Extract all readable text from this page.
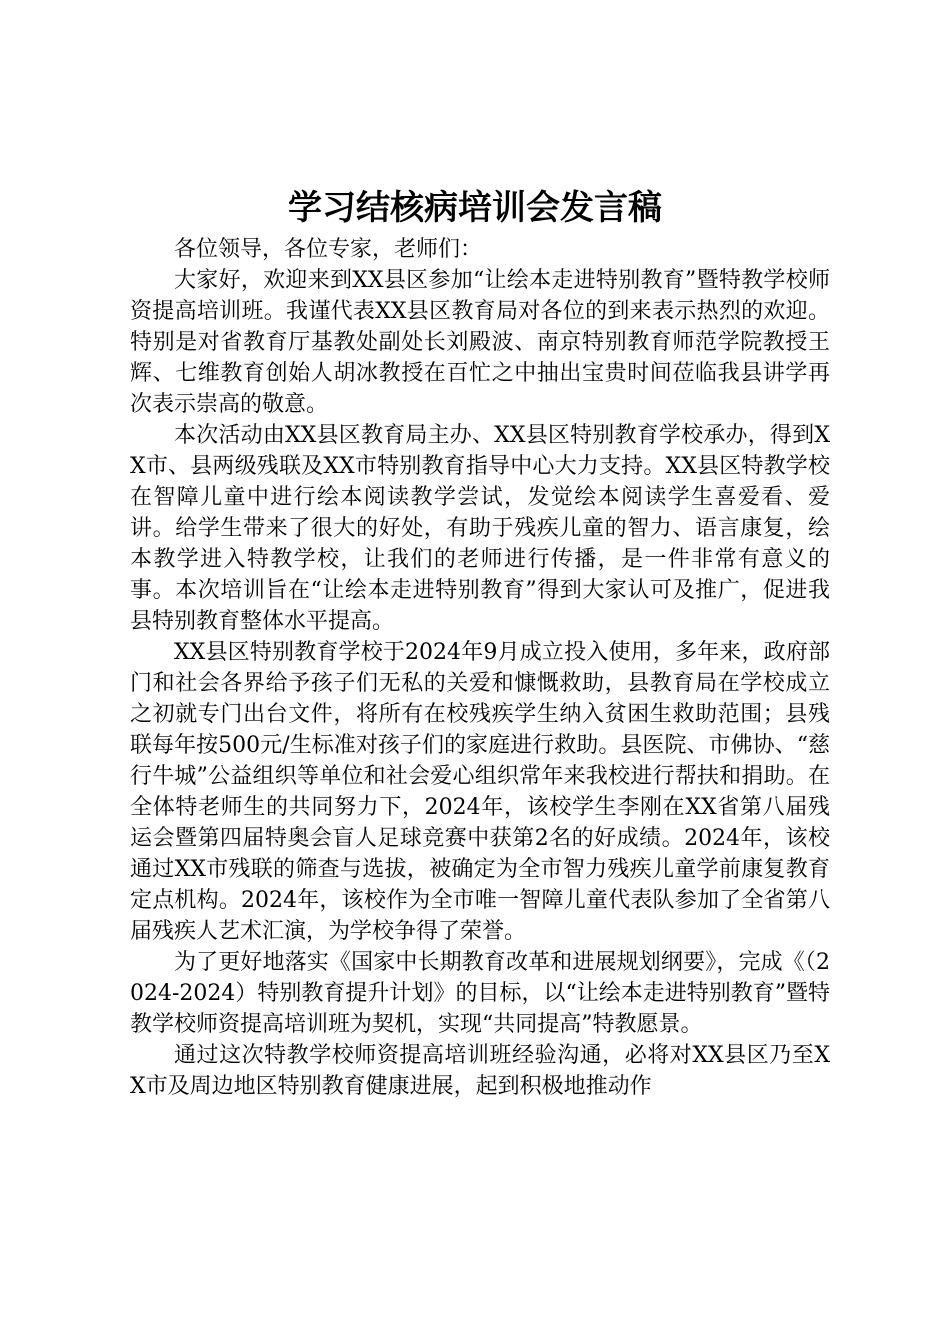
学习结核病培训会发言稿

各位领导，各位专家，老师们：

大家好，欢迎来到XX县区参加“让绘本走进特别教育”暨特教学校师资提高培训班。我谨代表XX县区教育局对各位的到来表示热烈的欢迎。特别是对省教育厅基教处副处长刘殿波、南京特别教育师范学院教授王辉、七维教育创始人胡冰教授在百忙之中抽出宝贵时间莅临我县讲学再次表示崇高的敬意。

本次活动由XX县区教育局主办、XX县区特别教育学校承办，得到XX市、县两级残联及XX市特别教育指导中心大力支持。XX县区特教学校在智障儿童中进行绘本阅读教学尝试，发觉绘本阅读学生喜爱看、爱讲。给学生带来了很大的好处，有助于残疾儿童的智力、语言康复，绘本教学进入特教学校，让我们的老师进行传播，是一件非常有意义的事。本次培训旨在“让绘本走进特别教育”得到大家认可及推广，促进我县特别教育整体水平提高。

XX县区特别教育学校于2024年9月成立投入使用，多年来，政府部门和社会各界给予孩子们无私的关爱和慷慨救助，县教育局在学校成立之初就专门出台文件，将所有在校残疾学生纳入贫困生救助范围；县残联每年按500元/生标准对孩子们的家庭进行救助。县医院、市佛协、“慈行牛城”公益组织等单位和社会爱心组织常年来我校进行帮扶和捐助。在全体特老师生的共同努力下，2024年，该校学生李刚在XX省第八届残运会暨第四届特奥会盲人足球竞赛中获第2名的好成绩。2024年，该校通过XX市残联的筛查与选拔，被确定为全市智力残疾儿童学前康复教育定点机构。2024年，该校作为全市唯一智障儿童代表队参加了全省第八届残疾人艺术汇演，为学校争得了荣誉。

为了更好地落实《国家中长期教育改革和进展规划纲要》，完成《（2024-2024）特别教育提升计划》的目标，以“让绘本走进特别教育”暨特教学校师资提高培训班为契机，实现“共同提高”特教愿景。

通过这次特教学校师资提高培训班经验沟通，必将对XX县区乃至XX市及周边地区特别教育健康进展，起到积极地推动作
